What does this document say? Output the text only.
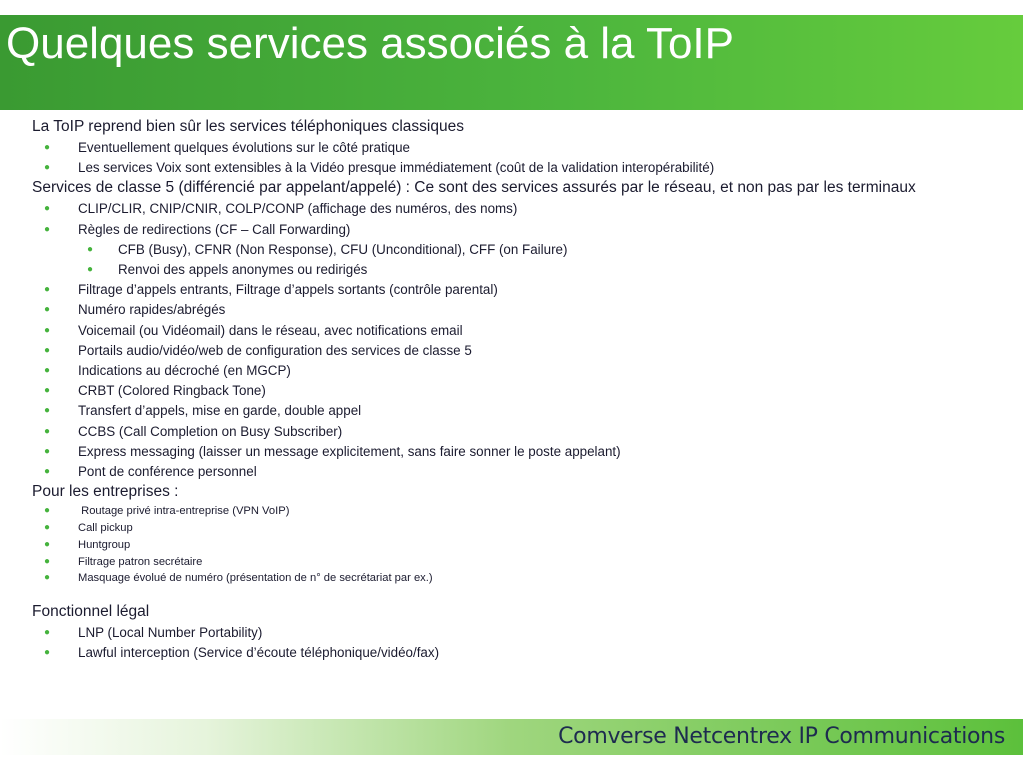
Quelques services associés à la ToIP
La ToIP reprend bien sûr les services téléphoniques classiques
● Eventuellement quelques évolutions sur le côté pratique
● Les services Voix sont extensibles à la Vidéo presque immédiatement (coût de la validation interopérabilité)
Services de classe 5 (différencié par appelant/appelé) : Ce sont des services assurés par le réseau, et non pas par les terminaux
● CLIP/CLIR, CNIP/CNIR, COLP/CONP (affichage des numéros, des noms)
● Règles de redirections (CF – Call Forwarding)
● CFB (Busy), CFNR (Non Response), CFU (Unconditional), CFF (on Failure)
● Renvoi des appels anonymes ou redirigés
● Filtrage d’appels entrants, Filtrage d’appels sortants (contrôle parental)
● Numéro rapides/abrégés
● Voicemail (ou Vidéomail) dans le réseau, avec notifications email
● Portails audio/vidéo/web de configuration des services de classe 5
● Indications au décroché (en MGCP)
● CRBT (Colored Ringback Tone)
● Transfert d’appels, mise en garde, double appel
● CCBS (Call Completion on Busy Subscriber)
● Express messaging (laisser un message explicitement, sans faire sonner le poste appelant)
● Pont de conférence personnel
Pour les entreprises :
● Routage privé intra-entreprise (VPN VoIP)
● Call pickup
● Huntgroup
● Filtrage patron secrétaire
● Masquage évolué de numéro (présentation de n° de secrétariat par ex.)
Fonctionnel légal
● LNP (Local Number Portability)
● Lawful interception (Service d’écoute téléphonique/vidéo/fax)
Comverse Netcentrex IP Communications
